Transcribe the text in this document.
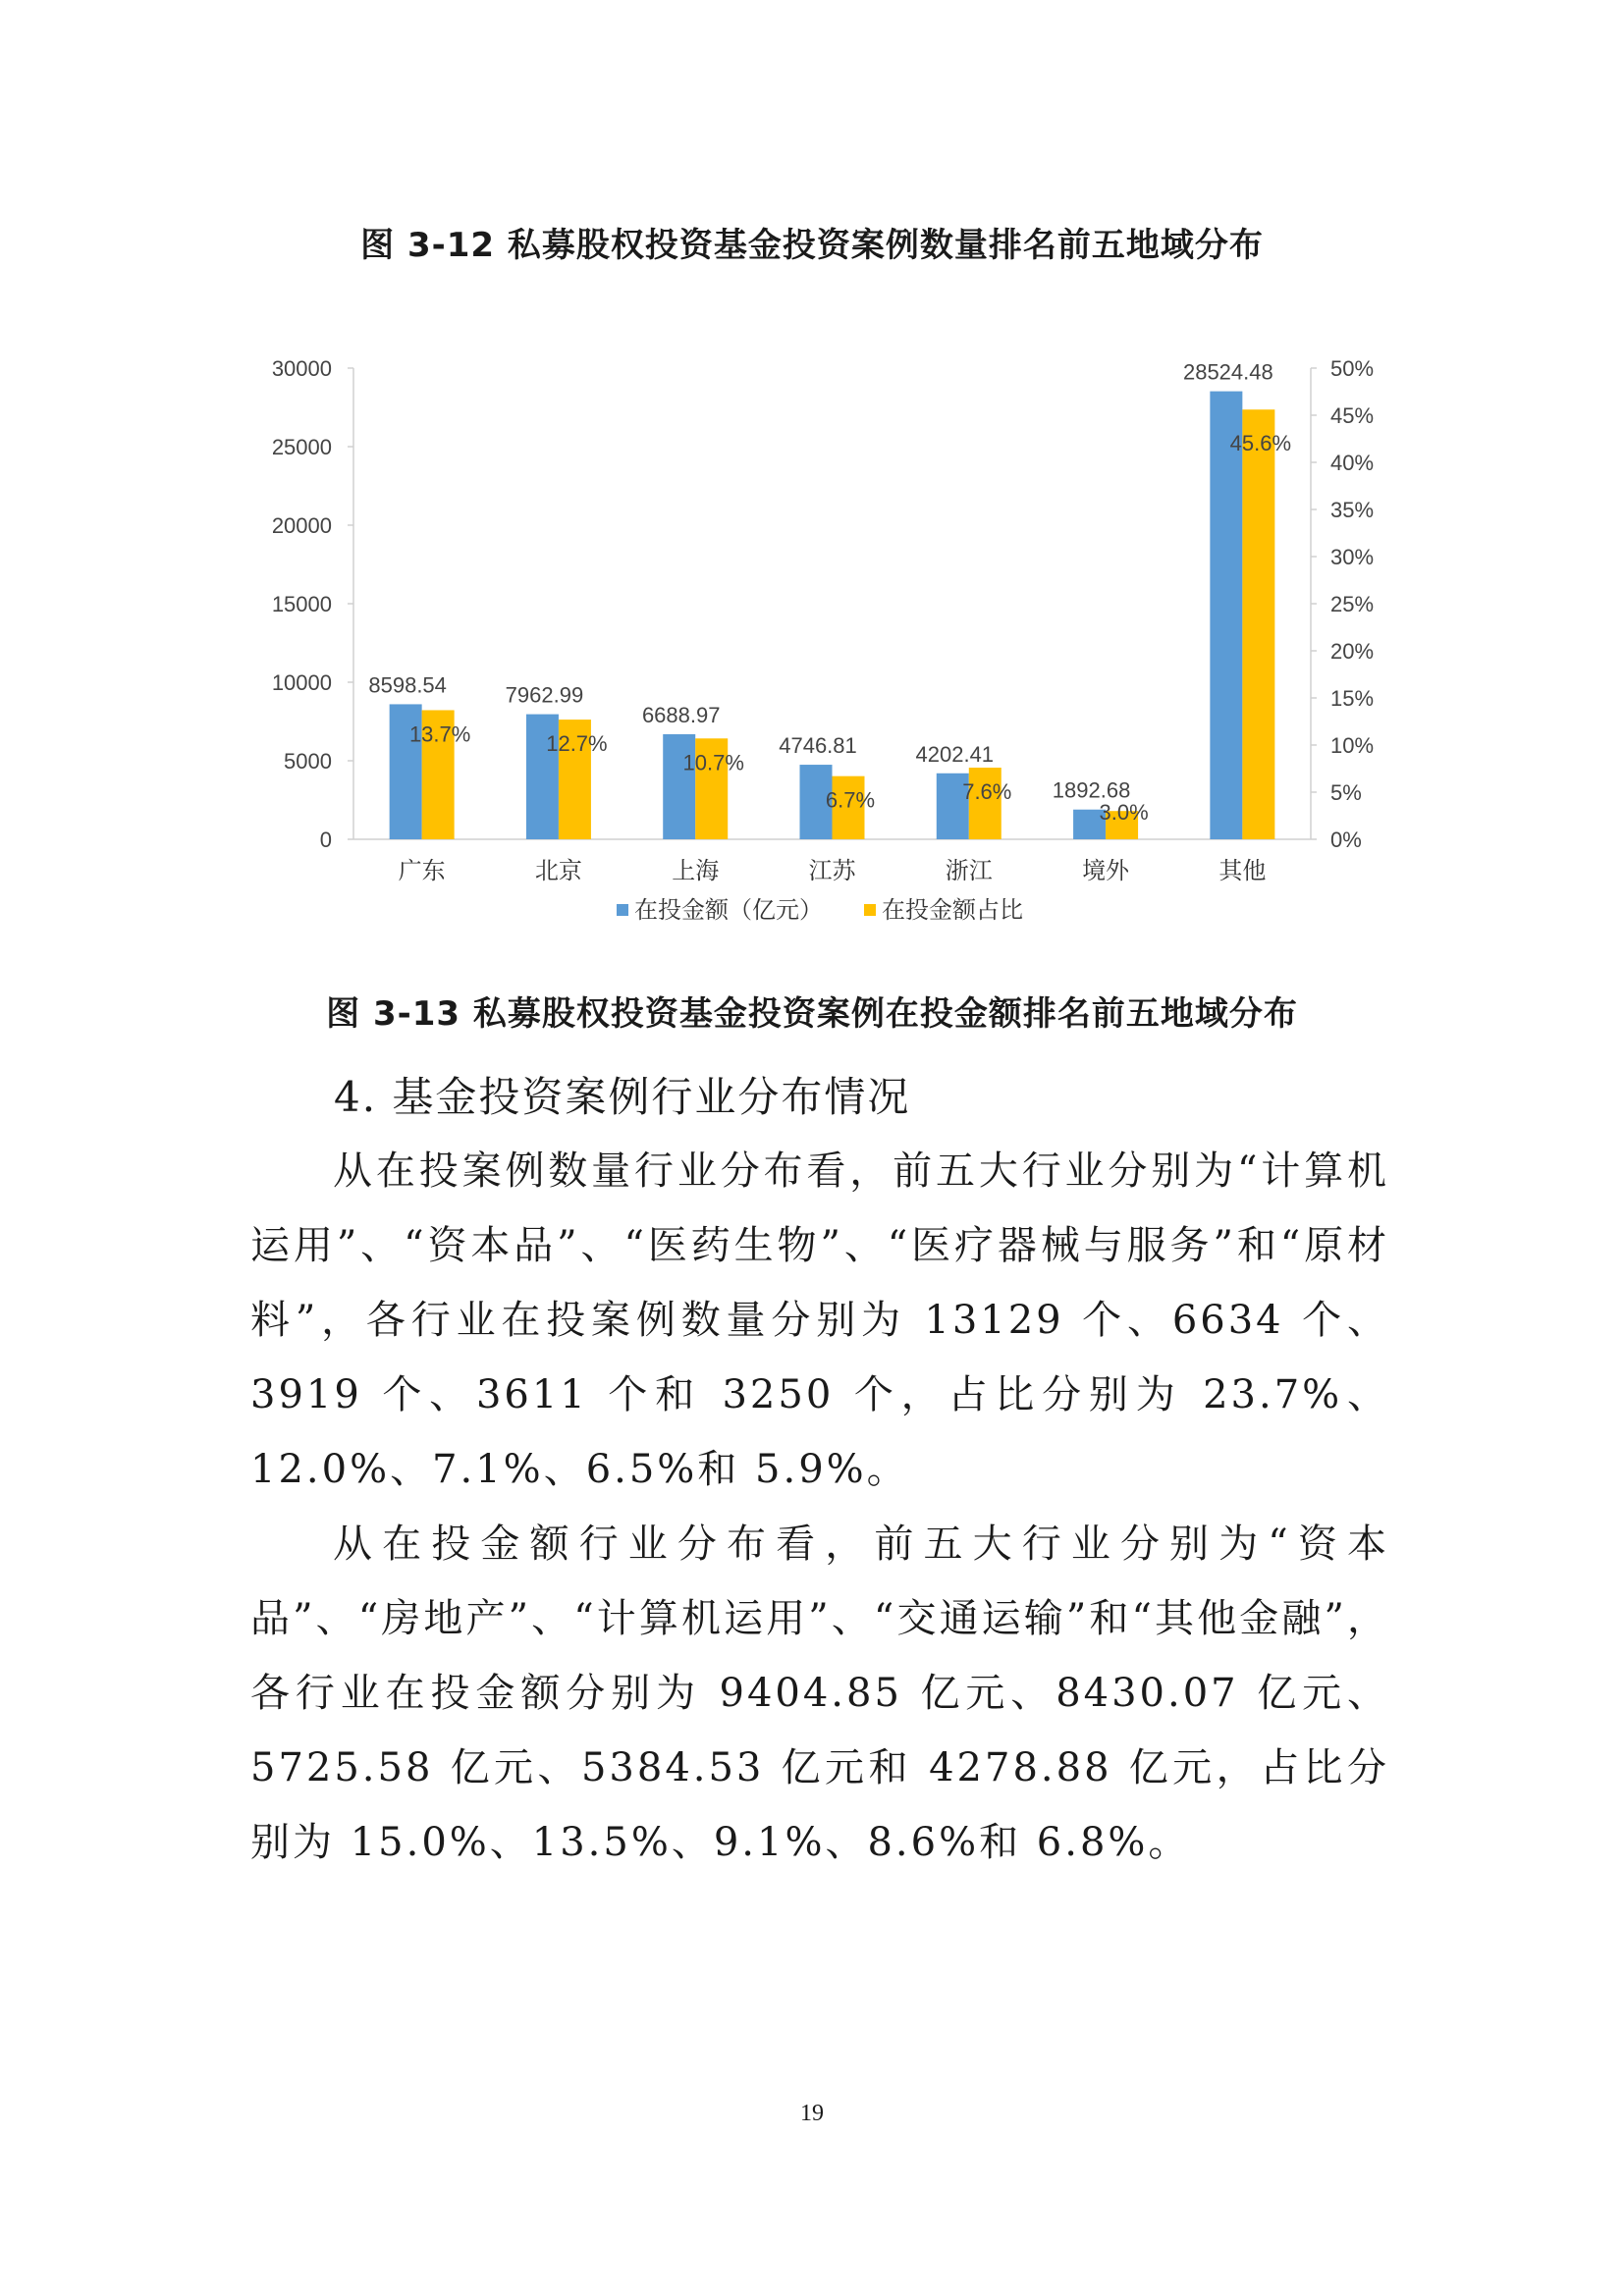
图 3-12 私募股权投资基金投资案例数量排名前五地域分布
0
5000
10000
15000
20000
25000
30000
0%
5%
10%
15%
20%
25%
30%
35%
40%
45%
50%
8598.54
13.7%
广东
7962.99
12.7%
北京
6688.97
10.7%
上海
4746.81
6.7%
江苏
4202.41
7.6%
浙江
1892.68
3.0%
境外
28524.48
45.6%
其他
在投金额（亿元）	在投金额占比
图 3-13 私募股权投资基金投资案例在投金额排名前五地域分布
4. 基金投资案例行业分布情况

从在投案例数量行业分布看，前五大行业分别为“计算机运用”、“资本品”、“医药生物”、“医疗器械与服务”和“原材料”，各行业在投案例数量分别为 13129 个、6634 个、3919 个、3611 个和 3250 个，占比分别为 23.7%、12.0%、7.1%、6.5%和 5.9%。

从在投金额行业分布看，前五大行业分别为“资本品”、“房地产”、“计算机运用”、“交通运输”和“其他金融”，各行业在投金额分别为 9404.85 亿元、8430.07 亿元、5725.58 亿元、5384.53 亿元和 4278.88 亿元，占比分别为 15.0%、13.5%、9.1%、8.6%和 6.8%。

19
